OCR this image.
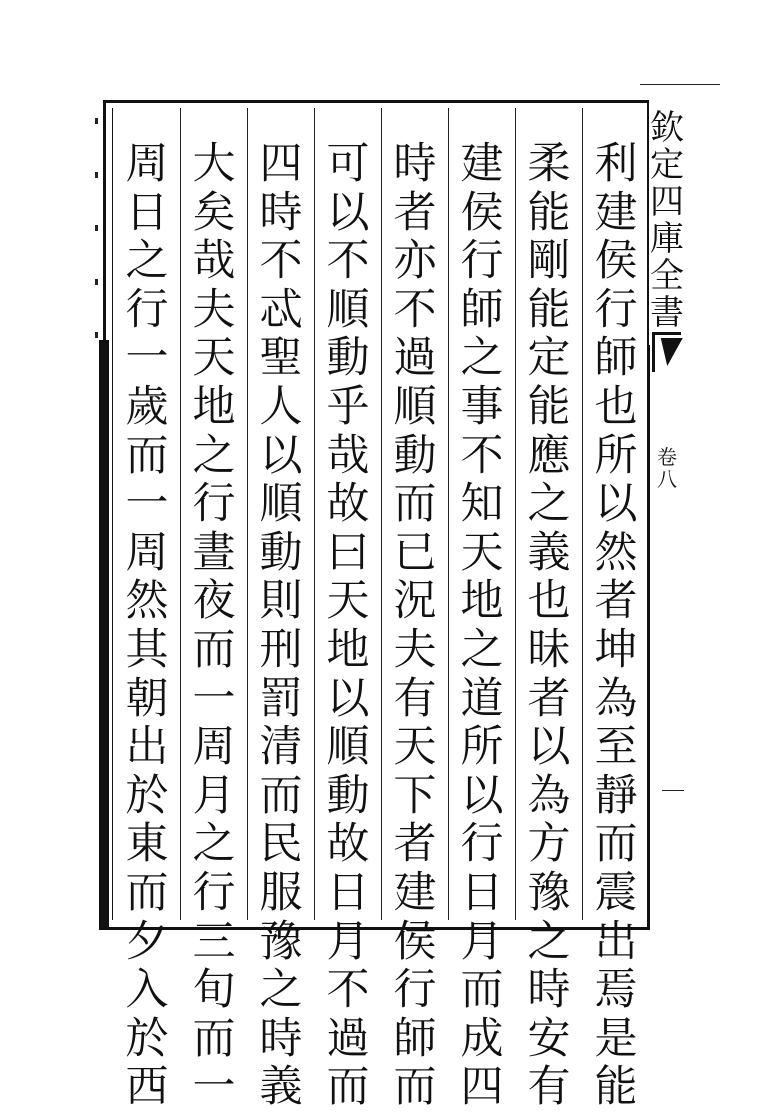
利
建
侯
行
師
也
所
以
然
者
坤
為
至
靜
而
震
出
焉
是
能
柔
能
剛
能
定
能
應
之
義
也
昧
者
以
為
方
豫
之
時
安
有
建
侯
行
師
之
事
不
知
天
地
之
道
所
以
行
日
月
而
成
四
時
者
亦
不
過
順
動
而
已
況
夫
有
天
下
者
建
侯
行
師
而
可
以
不
順
動
乎
哉
故
曰
天
地
以
順
動
故
日
月
不
過
而
四
時
不
忒
聖
人
以
順
動
則
刑
罰
清
而
民
服
豫
之
時
義
大
矣
哉
夫
天
地
之
行
晝
夜
而
一
周
月
之
行
三
旬
而
一
周
日
之
行
一
歲
而
一
周
然
其
朝
出
於
東
而
夕
入
於
西
欽
定
四
庫
全
書
卷
八
